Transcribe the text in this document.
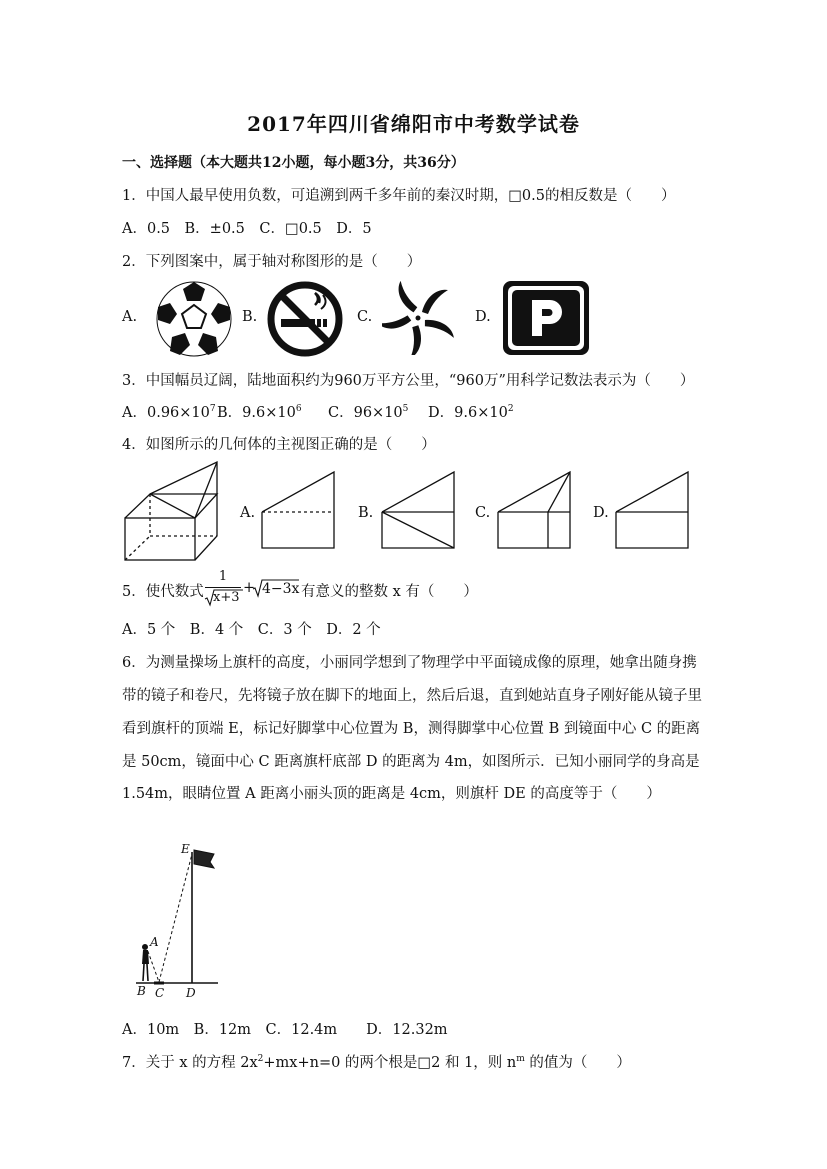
2017年四川省绵阳市中考数学试卷
一、选择题（本大题共12小题，每小题3分，共36分）
1．中国人最早使用负数，可追溯到两千多年前的秦汉时期，□0.5的相反数是（　　）
A．0.5　B．±0.5　C．□0.5　D．5
2．下列图案中，属于轴对称图形的是（　　）
A.	B.	C.	D.
3．中国幅员辽阔，陆地面积约为960万平方公里，“960万”用科学记数法表示为（　　）
A．$0.96\times 10^7$ B．$9.6\times 10^6$ C．$96\times 10^5$ D．$9.6\times 10^2$
4．如图所示的几何体的主视图正确的是（　　）
A.	B.	C.	D.
5．使代数式
1
x+3
+ 4−3x 有意义的整数 x 有（　　）
A．5 个　B．4 个　C．3 个　D．2 个
6．为测量操场上旗杆的高度，小丽同学想到了物理学中平面镜成像的原理，她拿出随身携
带的镜子和卷尺，先将镜子放在脚下的地面上，然后后退，直到她站直身子刚好能从镜子里
看到旗杆的顶端 E，标记好脚掌中心位置为 B，测得脚掌中心位置 B 到镜面中心 C 的距离
是 50cm，镜面中心 C 距离旗杆底部 D 的距离为 4m，如图所示．已知小丽同学的身高是
1.54m，眼睛位置 A 距离小丽头顶的距离是 4cm，则旗杆 DE 的高度等于（　　）
E
A
B C D
A．10m　B．12m　C．12.4m　　D．12.32m
7．关于 x 的方程 $2x^2+mx+n=0$ 的两个根是□2 和 1，则 $n^m$ 的值为（　　）
